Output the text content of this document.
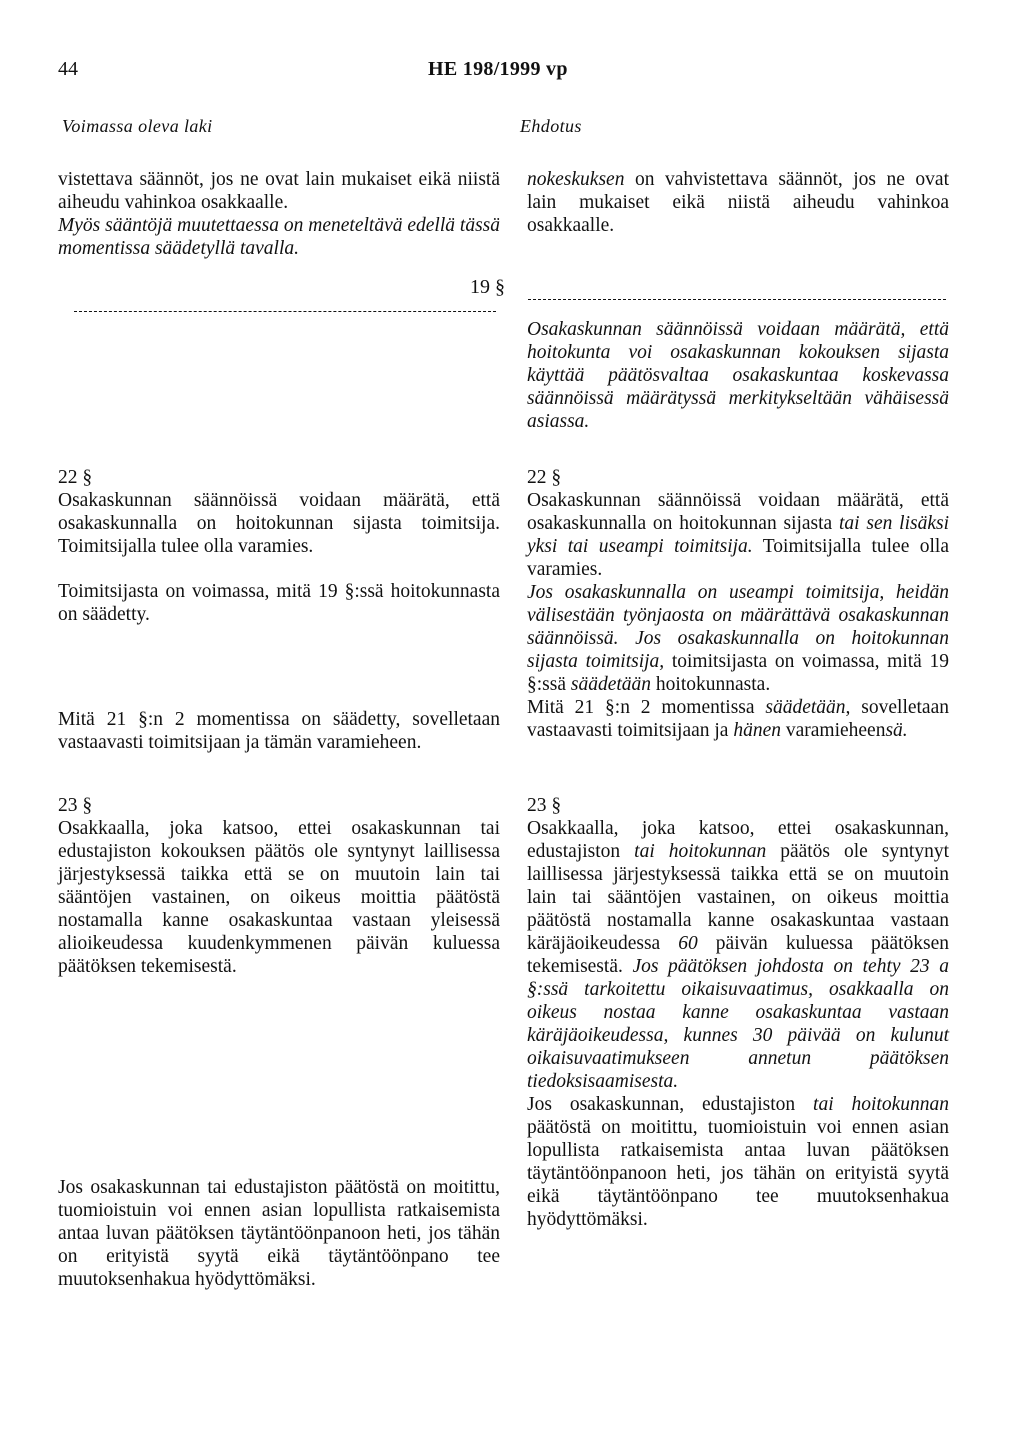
44	HE 198/1999 vp
Voimassa oleva laki	Ehdotus

vistettava säännöt, jos ne ovat lain mukaiset eikä niistä aiheudu vahinkoa osakkaalle.

Myös sääntöjä muutettaessa on meneteltävä edellä tässä momentissa säädetyllä tavalla.

nokeskuksen on vahvistettava säännöt, jos ne ovat lain mukaiset eikä niistä aiheudu vahinkoa osakkaalle.

19 §

Osakaskunnan säännöissä voidaan määrätä, että hoitokunta voi osakaskunnan kokouksen sijasta käyttää päätösvaltaa osakaskuntaa koskevassa säännöissä määrätyssä merkitykseltään vähäisessä asiassa.

22 §

Osakaskunnan säännöissä voidaan määrätä, että osakaskunnalla on hoitokunnan sijasta toimitsija. Toimitsijalla tulee olla varamies.

Toimitsijasta on voimassa, mitä 19 §:ssä hoitokunnasta on säädetty.

Mitä 21 §:n 2 momentissa on säädetty, sovelletaan vastaavasti toimitsijaan ja tämän varamieheen.

22 §

Osakaskunnan säännöissä voidaan määrätä, että osakaskunnalla on hoitokunnan sijasta tai sen lisäksi yksi tai useampi toimitsija. Toimitsijalla tulee olla varamies.

Jos osakaskunnalla on useampi toimitsija, heidän välisestään työnjaosta on määrättävä osakaskunnan säännöissä. Jos osakaskunnalla on hoitokunnan sijasta toimitsija, toimitsijasta on voimassa, mitä 19 §:ssä säädetään hoitokunnasta.

Mitä 21 §:n 2 momentissa säädetään, sovelletaan vastaavasti toimitsijaan ja hänen varamieheensä.

23 §

Osakkaalla, joka katsoo, ettei osakaskunnan tai edustajiston kokouksen päätös ole syntynyt laillisessa järjestyksessä taikka että se on muutoin lain tai sääntöjen vastainen, on oikeus moittia päätöstä nostamalla kanne osakaskuntaa vastaan yleisessä alioikeudessa kuudenkymmenen päivän kuluessa päätöksen tekemisestä.

Jos osakaskunnan tai edustajiston päätöstä on moitittu, tuomioistuin voi ennen asian lopullista ratkaisemista antaa luvan päätöksen täytäntöönpanoon heti, jos tähän on erityistä syytä eikä täytäntöönpano tee muutoksenhakua hyödyttömäksi.

23 §

Osakkaalla, joka katsoo, ettei osakaskunnan, edustajiston tai hoitokunnan päätös ole syntynyt laillisessa järjestyksessä taikka että se on muutoin lain tai sääntöjen vastainen, on oikeus moittia päätöstä nostamalla kanne osakaskuntaa vastaan käräjäoikeudessa 60 päivän kuluessa päätöksen tekemisestä. Jos päätöksen johdosta on tehty 23 a §:ssä tarkoitettu oikaisuvaatimus, osakkaalla on oikeus nostaa kanne osakaskuntaa vastaan käräjäoikeudessa, kunnes 30 päivää on kulunut oikaisuvaatimukseen annetun päätöksen tiedoksisaamisesta.

Jos osakaskunnan, edustajiston tai hoitokunnan päätöstä on moitittu, tuomioistuin voi ennen asian lopullista ratkaisemista antaa luvan päätöksen täytäntöönpanoon heti, jos tähän on erityistä syytä eikä täytäntöönpano tee muutoksenhakua hyödyttömäksi.
